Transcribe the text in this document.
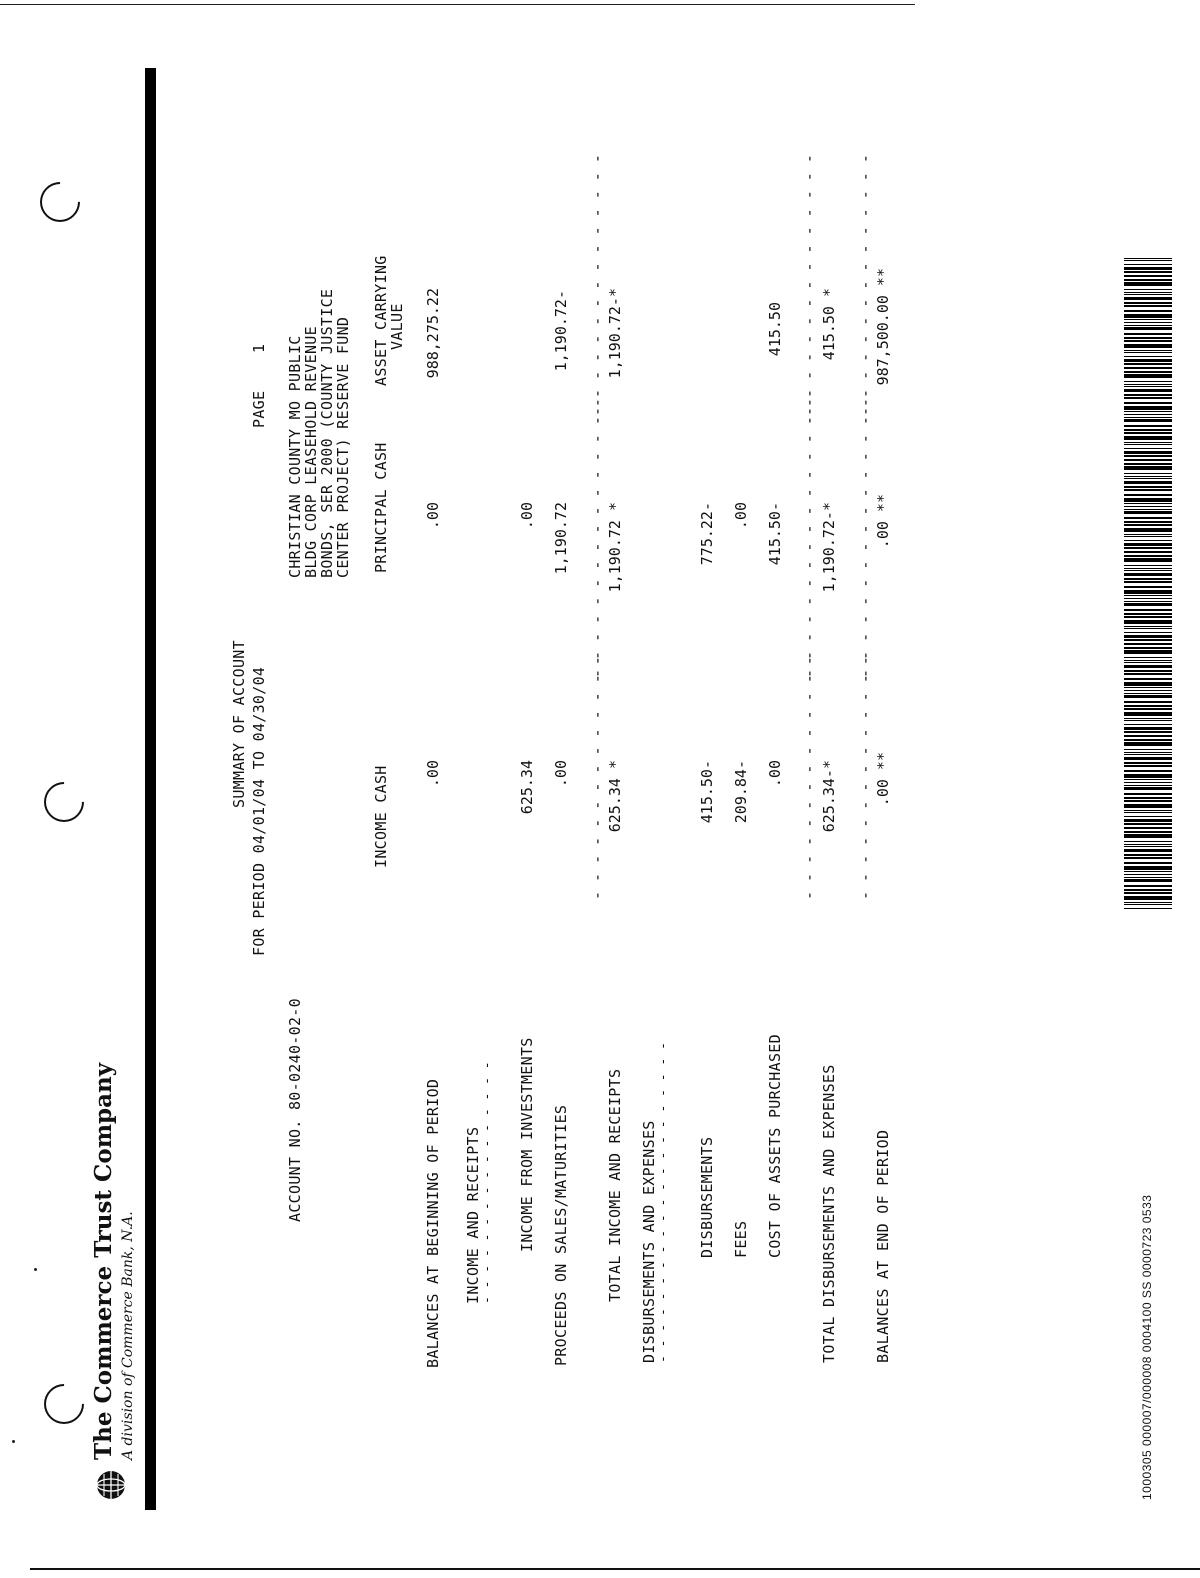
1000305 000007/000008 0004100 SS 0000723 0533
The Commerce Trust Company A division of Commerce Bank, N.A.
ACCOUNT NO. 80-0240-02-0
SUMMARY OF ACCOUNT FOR PERIOD 04/01/04 TO 04/30/04
PAGE
1 CHRISTIAN COUNTY MO PUBLIC
BLDG CORP LEASEHOLD REVENUE
BONDS, SER 2000 (COUNTY JUSTICE
CENTER PROJECT) RESERVE FUND
INCOME CASH
PRINCIPAL CASH
ASSET CARRYING
VALUE
BALANCES AT BEGINNING OF PERIOD
.00
.00
988,275.22
INCOME AND RECEIPTS
- - - - - - - - - - - - - - - - INCOME FROM INVESTMENTS
625.34
.00
PROCEEDS ON SALES/MATURITIES
.00
1,190.72
1,190.72-
- - - - - - - - - - - - - -
- - - - - - - - - - - - - - - -
- - - - - - - - - - - - - - -
TOTAL INCOME AND RECEIPTS
625.34 *
1,190.72 *
1,190.72-*
DISBURSEMENTS AND EXPENSES
- - - - - - - - - - - - - - - - - - - - - DISBURSEMENTS
415.50-
775.22-
FEES
209.84-
.00
COST OF ASSETS PURCHASED
.00
415.50-
415.50
- - - - - - - - - - - - - -
- - - - - - - - - - - - - - - -
- - - - - - - - - - - - - - -
TOTAL DISBURSEMENTS AND EXPENSES
625.34-*
1,190.72-*
415.50 *
- - - - - - - - - - - - - -
- - - - - - - - - - - - - - - -
- - - - - - - - - - - - - - -
BALANCES AT END OF PERIOD
.00 **
.00 **
987,500.00 **
